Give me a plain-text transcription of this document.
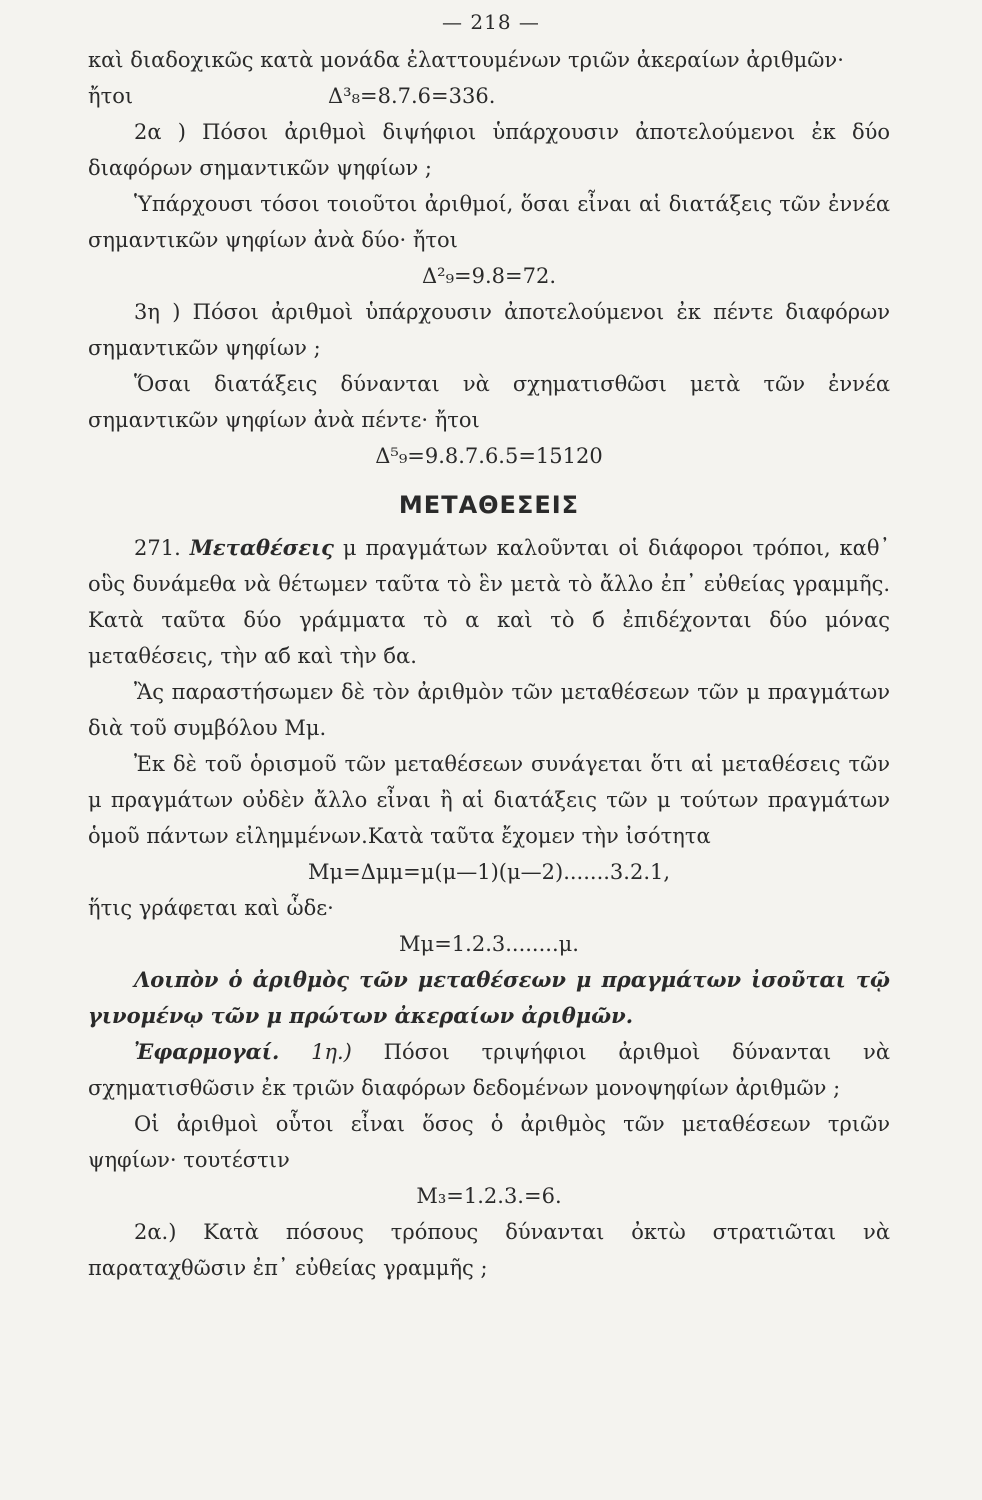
— 218 —

καὶ διαδοχικῶς κατὰ μονάδα ἐλαττουμένων τριῶν ἀκεραίων ἀριθμῶν·

ἤτοι	Δ³₈=8.7.6=336.

2α ) Πόσοι ἀριθμοὶ διψήφιοι ὑπάρχουσιν ἀποτελούμενοι ἐκ δύο διαφόρων σημαντικῶν ψηφίων ;

Ὑπάρχουσι τόσοι τοιοῦτοι ἀριθμοί, ὅσαι εἶναι αἱ διατάξεις τῶν ἐννέα σημαντικῶν ψηφίων ἀνὰ δύο· ἤτοι

Δ²₉=9.8=72.

3η ) Πόσοι ἀριθμοὶ ὑπάρχουσιν ἀποτελούμενοι ἐκ πέντε διαφόρων σημαντικῶν ψηφίων ;

Ὅσαι διατάξεις δύνανται νὰ σχηματισθῶσι μετὰ τῶν ἐννέα σημαντικῶν ψηφίων ἀνὰ πέντε· ἤτοι

Δ⁵₉=9.8.7.6.5=15120
ΜΕΤΑΘΕΣΕΙΣ

271. Μεταθέσεις μ πραγμάτων καλοῦνται οἱ διάφοροι τρόποι, καθ᾿ οὓς δυνάμεθα νὰ θέτωμεν ταῦτα τὸ ἓν μετὰ τὸ ἄλλο ἐπ᾿ εὐθείας γραμμῆς. Κατὰ ταῦτα δύο γράμματα τὸ α καὶ τὸ б ἐπιδέχονται δύο μόνας μεταθέσεις, τὴν αб καὶ τὴν бα.

Ἂς παραστήσωμεν δὲ τὸν ἀριθμὸν τῶν μεταθέσεων τῶν μ πραγμάτων διὰ τοῦ συμβόλου Μμ.

Ἐκ δὲ τοῦ ὁρισμοῦ τῶν μεταθέσεων συνάγεται ὅτι αἱ μεταθέσεις τῶν μ πραγμάτων οὐδὲν ἄλλο εἶναι ἢ αἱ διατάξεις τῶν μ τούτων πραγμάτων ὁμοῦ πάντων εἰλημμένων.Κατὰ ταῦτα ἔχομεν τὴν ἰσότητα

Μμ=Δμμ=μ(μ—1)(μ—2).......3.2.1,

ἥτις γράφεται καὶ ὧδε·

Μμ=1.2.3........μ.

Λοιπὸν ὁ ἀριθμὸς τῶν μεταθέσεων μ πραγμάτων ἰσοῦται τῷ γινομένῳ τῶν μ πρώτων ἀκεραίων ἀριθμῶν.

Ἐφαρμογαί. 1η.) Πόσοι τριψήφιοι ἀριθμοὶ δύνανται νὰ σχηματισθῶσιν ἐκ τριῶν διαφόρων δεδομένων μονοψηφίων ἀριθμῶν ;

Οἱ ἀριθμοὶ οὗτοι εἶναι ὅσος ὁ ἀριθμὸς τῶν μεταθέσεων τριῶν ψηφίων· τουτέστιν

Μ₃=1.2.3.=6.

2α.) Κατὰ πόσους τρόπους δύνανται ὀκτὼ στρατιῶται νὰ παραταχθῶσιν ἐπ᾿ εὐθείας γραμμῆς ;
